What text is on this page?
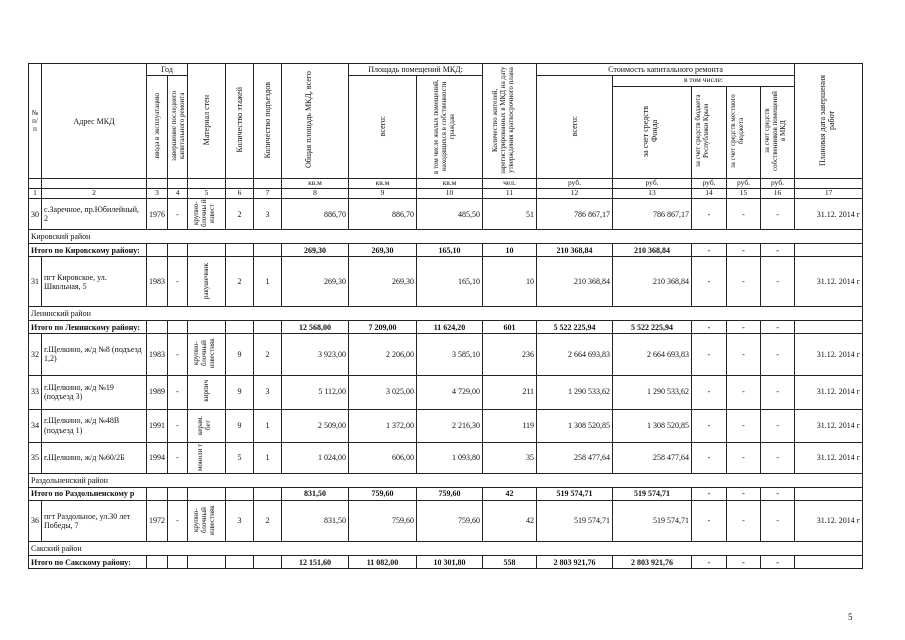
№ п/п	Адрес МКД	Год		Материал стен	Количество этажей	Количество подъездов	Общая площадь МКД, всего	Площадь помещений МКД:		Количество жителей, зарегистрированных в МКД на дату утверждения краткосрочного плана	Стоимость капитального ремонта					Плановая дата завершения работ
		ввода в эксплуатацию	завершение последнего капитального ремонта					всего:	в том числе жилых помещений, находящихся в собственности граждан		всего:	в том числе:				
												за счет средств Фонда	за счет средств бюджета Республики Крым	за счет средств местного бюджета	за счет средств собственников помещений в МКД	
							кв.м	кв.м	кв.м	чел.	руб.	руб.	руб.	руб.	руб.	
1	2	3	4	5	6	7	8	9	10	11	12	13	14	15	16	17
30	с.Заречное, пр.Юбилейный, 2	1976	-	крупно-блочны й извест	2	3	886,70	886,70	485,50	51	786 867,17	786 867,17	-	-	-	31.12. 2014 г
Кировский район																
Итого по Кировскому району:							269,30	269,30	165,10	10	210 368,84	210 368,84	-	-	-	
31	пгт Кировское, ул. Школьная, 5	1983	-	ракушечник	2	1	269,30	269,30	165,10	10	210 368,84	210 368,84	-	-	-	31.12. 2014 г
Ленинский район																
Итого по Ленинскому району:							12 568,00	7 209,00	11 624,20	601	5 522 225,94	5 522 225,94	-	-	-	
32	г.Щелкино, ж/д №8 (подъезд 1,2)	1983	-	крупно-блочный известняк	9	2	3 923,00	2 206,00	3 585,10	236	2 664 693,83	2 664 693,83	-	-	-	31.12. 2014 г
33	г.Щелкино, ж/д №19 (подъезд 3)	1989	-	кирпич	9	3	5 112,00	3 025,00	4 729,00	211	1 290 533,62	1 290 533,62	-	-	-	31.12. 2014 г
34	г.Щелкино, ж/д №48В (подъезд 1)	1991	-	керам. бет	9	1	2 509,00	1 372,00	2 216,30	119	1 308 520,85	1 308 520,85	-	-	-	31.12. 2014 г
35	г.Щелкино, ж/д №60/2Б	1994	-	моноли т	5	1	1 024,00	606,00	1 093,80	35	258 477,64	258 477,64	-	-	-	31.12. 2014 г
Раздольненский район																
Итого по Раздольненскому р							831,50	759,60	759,60	42	519 574,71	519 574,71	-	-	-	
36	пгт Раздольное, ул.30 лет Победы, 7	1972	-	крупно-блочный известняк	3	2	831,50	759,60	759,60	42	519 574,71	519 574,71	-	-	-	31.12. 2014 г
Сакский район																
Итого по Сакскому району:							12 151,60	11 082,00	10 301,80	558	2 803 921,76	2 803 921,76	-	-	-	
5
